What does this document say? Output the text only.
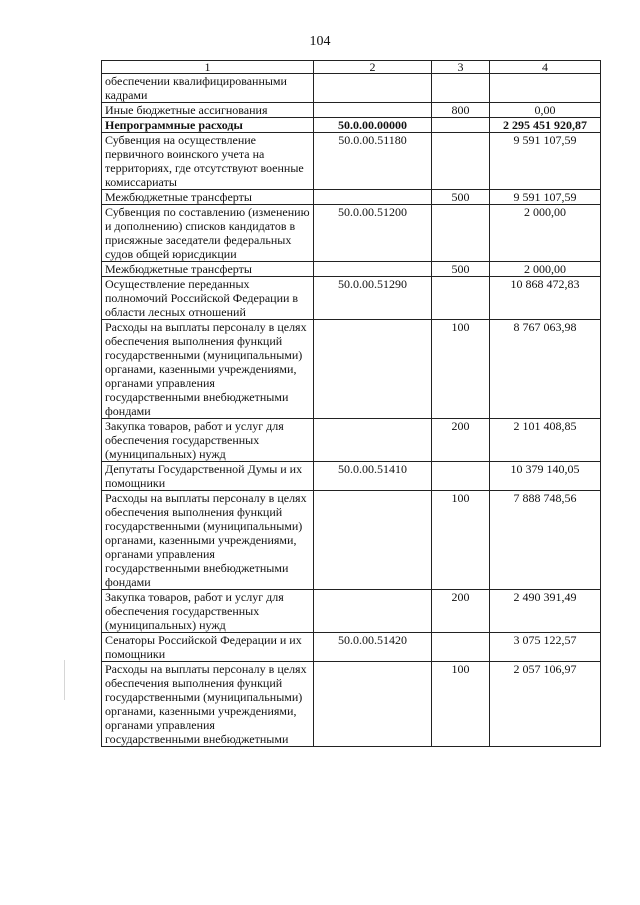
104
1	2	3	4
обеспечении квалифицированными кадрами			
Иные бюджетные ассигнования		800	0,00
Непрограммные расходы	50.0.00.00000		2 295 451 920,87
Субвенция на осуществление первичного воинского учета на территориях, где отсутствуют военные комиссариаты	50.0.00.51180		9 591 107,59
Межбюджетные трансферты		500	9 591 107,59
Субвенция по составлению (изменению и дополнению) списков кандидатов в присяжные заседатели федеральных судов общей юрисдикции	50.0.00.51200		2 000,00
Межбюджетные трансферты		500	2 000,00
Осуществление переданных полномочий Российской Федерации в области лесных отношений	50.0.00.51290		10 868 472,83
Расходы на выплаты персоналу в целях обеспечения выполнения функций государственными (муниципальными) органами, казенными учреждениями, органами управления государственными внебюджетными фондами		100	8 767 063,98
Закупка товаров, работ и услуг для обеспечения государственных (муниципальных) нужд		200	2 101 408,85
Депутаты Государственной Думы и их помощники	50.0.00.51410		10 379 140,05
Расходы на выплаты персоналу в целях обеспечения выполнения функций государственными (муниципальными) органами, казенными учреждениями, органами управления государственными внебюджетными фондами		100	7 888 748,56
Закупка товаров, работ и услуг для обеспечения государственных (муниципальных) нужд		200	2 490 391,49
Сенаторы Российской Федерации и их помощники	50.0.00.51420		3 075 122,57
Расходы на выплаты персоналу в целях обеспечения выполнения функций государственными (муниципальными) органами, казенными учреждениями, органами управления государственными внебюджетными		100	2 057 106,97
